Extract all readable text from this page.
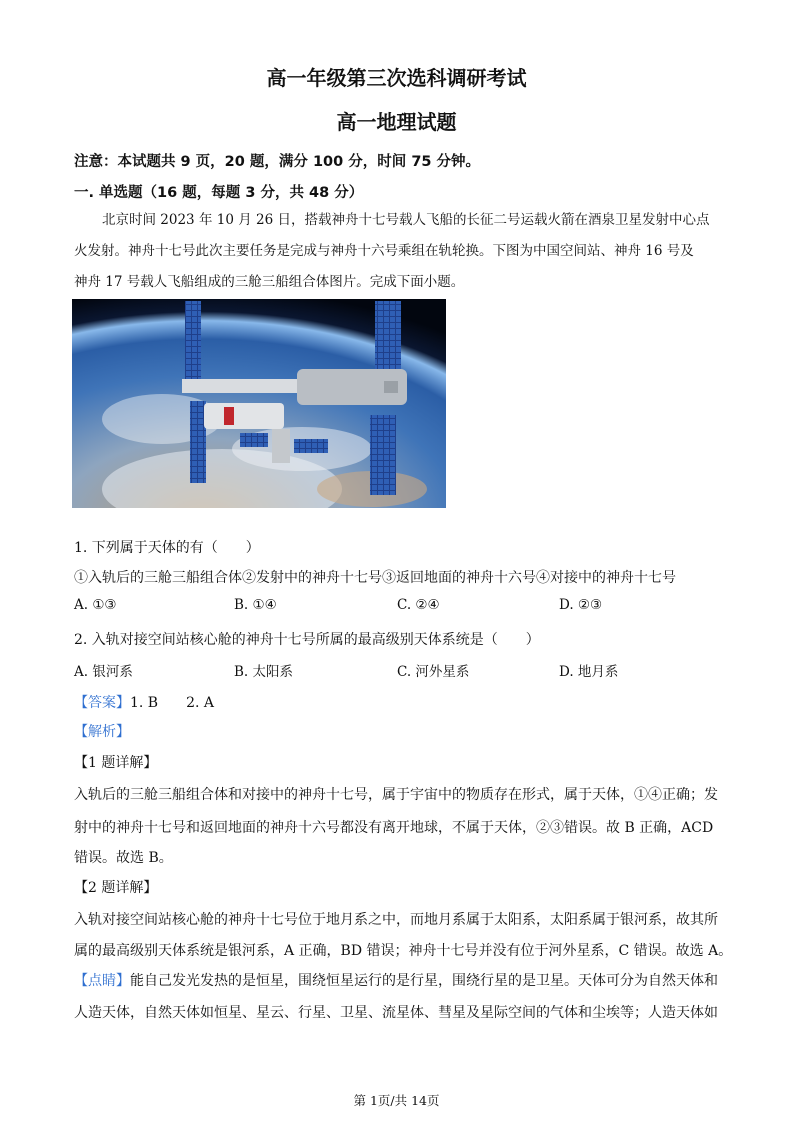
高一年级第三次选科调研考试
高一地理试题
注意：本试题共 9 页，20 题，满分 100 分，时间 75 分钟。
一. 单选题（16 题，每题 3 分，共 48 分）
北京时间 2023 年 10 月 26 日，搭载神舟十七号载人飞船的长征二号运载火箭在酒泉卫星发射中心点
火发射。神舟十七号此次主要任务是完成与神舟十六号乘组在轨轮换。下图为中国空间站、神舟 16 号及
神舟 17 号载人飞船组成的三舱三船组合体图片。完成下面小题。
1. 下列属于天体的有（　　）
①入轨后的三舱三船组合体②发射中的神舟十七号③返回地面的神舟十六号④对接中的神舟十七号
A. ①③	B. ①④	C. ②④	D. ②③
2. 入轨对接空间站核心舱的神舟十七号所属的最高级别天体系统是（　　）
A. 银河系	B. 太阳系	C. 河外星系	D. 地月系
【答案】1. B　　2. A
【解析】
【1 题详解】
入轨后的三舱三船组合体和对接中的神舟十七号，属于宇宙中的物质存在形式，属于天体，①④正确；发
射中的神舟十七号和返回地面的神舟十六号都没有离开地球，不属于天体，②③错误。故 B 正确，ACD
错误。故选 B。
【2 题详解】
入轨对接空间站核心舱的神舟十七号位于地月系之中，而地月系属于太阳系，太阳系属于银河系，故其所
属的最高级别天体系统是银河系，A 正确，BD 错误；神舟十七号并没有位于河外星系，C 错误。故选 A。
【点睛】能自己发光发热的是恒星，围绕恒星运行的是行星，围绕行星的是卫星。天体可分为自然天体和
人造天体，自然天体如恒星、星云、行星、卫星、流星体、彗星及星际空间的气体和尘埃等；人造天体如
第 1页/共 14页
